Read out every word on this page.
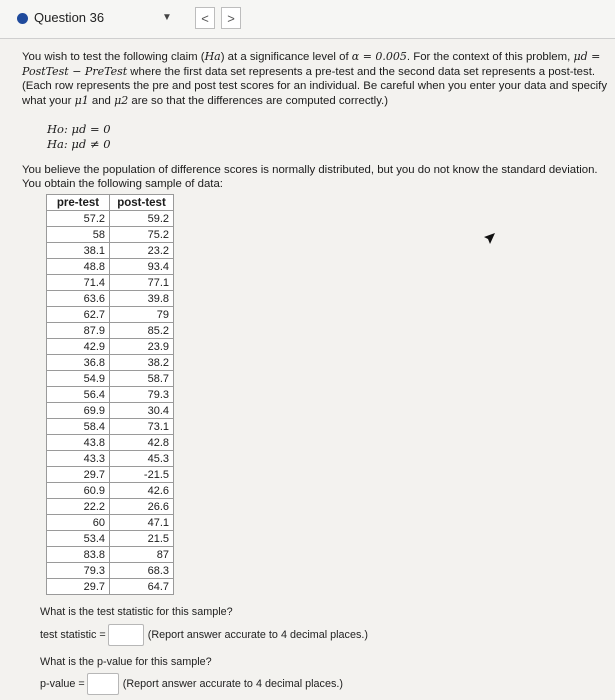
Question 36	▼	<	>
You wish to test the following claim (Ha) at a significance level of α = 0.005. For the context of this problem, μd = PostTest − PreTest where the first data set represents a pre-test and the second data set represents a post-test. (Each row represents the pre and post test scores for an individual. Be careful when you enter your data and specify what your μ1 and μ2 are so that the differences are computed correctly.)
Ho: μd = 0
Ha: μd ≠ 0
You believe the population of difference scores is normally distributed, but you do not know the standard deviation. You obtain the following sample of data:
pre-test	post-test
57.2	59.2
58	75.2
38.1	23.2
48.8	93.4
71.4	77.1
63.6	39.8
62.7	79
87.9	85.2
42.9	23.9
36.8	38.2
54.9	58.7
56.4	79.3
69.9	30.4
58.4	73.1
43.8	42.8
43.3	45.3
29.7	-21.5
60.9	42.6
22.2	26.6
60	47.1
53.4	21.5
83.8	87
79.3	68.3
29.7	64.7
What is the test statistic for this sample?
test statistic =	(Report answer accurate to 4 decimal places.)
What is the p-value for this sample?
p-value =	(Report answer accurate to 4 decimal places.)
